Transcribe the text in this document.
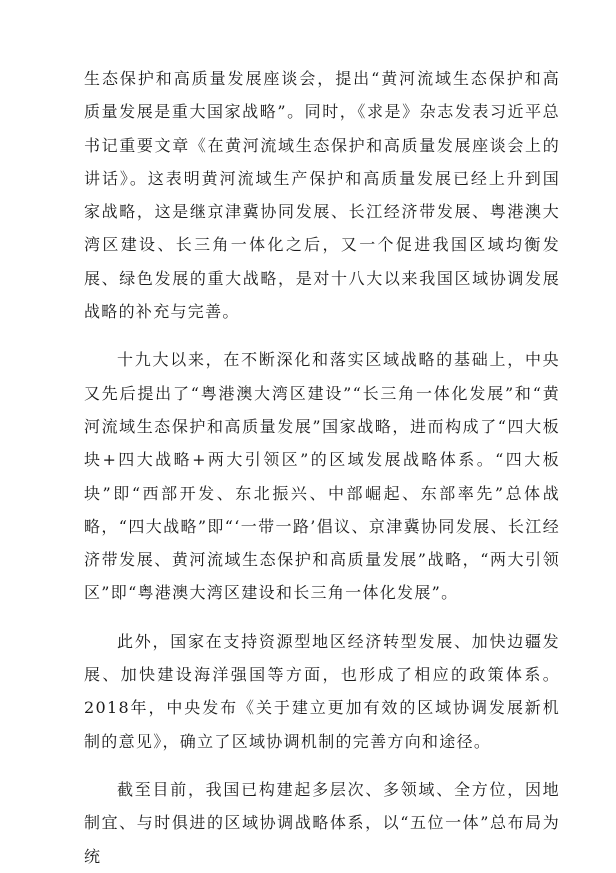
生态保护和高质量发展座谈会，提出“黄河流域生态保护和高质量发展是重大国家战略”。同时，《求是》杂志发表习近平总书记重要文章《在黄河流域生态保护和高质量发展座谈会上的讲话》。这表明黄河流域生产保护和高质量发展已经上升到国家战略，这是继京津冀协同发展、长江经济带发展、粤港澳大湾区建设、长三角一体化之后，又一个促进我国区域均衡发展、绿色发展的重大战略，是对十八大以来我国区域协调发展战略的补充与完善。

十九大以来，在不断深化和落实区域战略的基础上，中央又先后提出了“粤港澳大湾区建设”“长三角一体化发展”和“黄河流域生态保护和高质量发展”国家战略，进而构成了“四大板块+四大战略+两大引领区”的区域发展战略体系。“四大板块”即“西部开发、东北振兴、中部崛起、东部率先”总体战略，“四大战略”即“‘一带一路’倡议、京津冀协同发展、长江经济带发展、黄河流域生态保护和高质量发展”战略，“两大引领区”即“粤港澳大湾区建设和长三角一体化发展”。

此外，国家在支持资源型地区经济转型发展、加快边疆发展、加快建设海洋强国等方面，也形成了相应的政策体系。2018年，中央发布《关于建立更加有效的区域协调发展新机制的意见》，确立了区域协调机制的完善方向和途径。

截至目前，我国已构建起多层次、多领域、全方位，因地制宜、与时俱进的区域协调战略体系，以“五位一体”总布局为统
